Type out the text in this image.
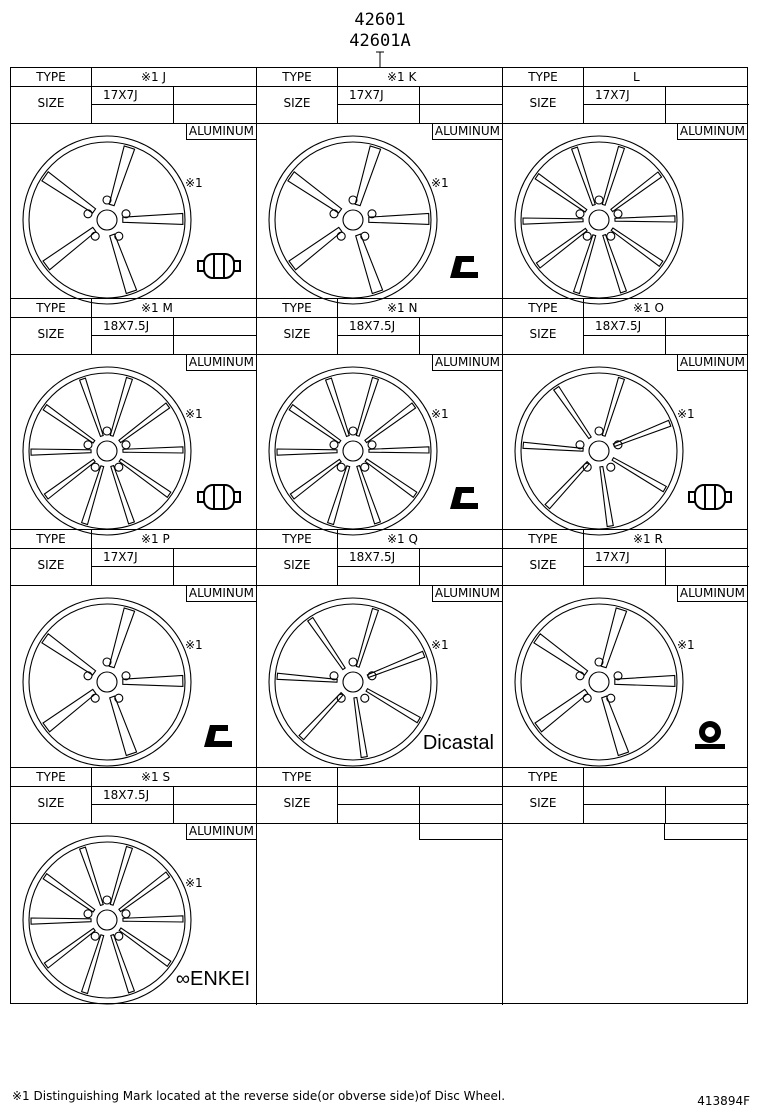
42601
42601A
TYPE
SIZE
※1 J
17X7J
ALUMINUM
※1
TYPE
SIZE
※1 K
17X7J
ALUMINUM
※1
TYPE
SIZE
L
17X7J
ALUMINUM
TYPE
SIZE
※1 M
18X7.5J
ALUMINUM
※1
TYPE
SIZE
※1 N
18X7.5J
ALUMINUM
※1
TYPE
SIZE
※1 O
18X7.5J
ALUMINUM
※1
TYPE
SIZE
※1 P
17X7J
ALUMINUM
※1
TYPE
SIZE
※1 Q
18X7.5J
ALUMINUM
※1
Dicastal
TYPE
SIZE
※1 R
17X7J
ALUMINUM
※1
TYPE
SIZE
※1 S
18X7.5J
ALUMINUM
※1
∞ENKEI
TYPE
SIZE
TYPE
SIZE
※1 Distinguishing Mark located at the reverse side(or obverse side)of Disc Wheel.	413894F
